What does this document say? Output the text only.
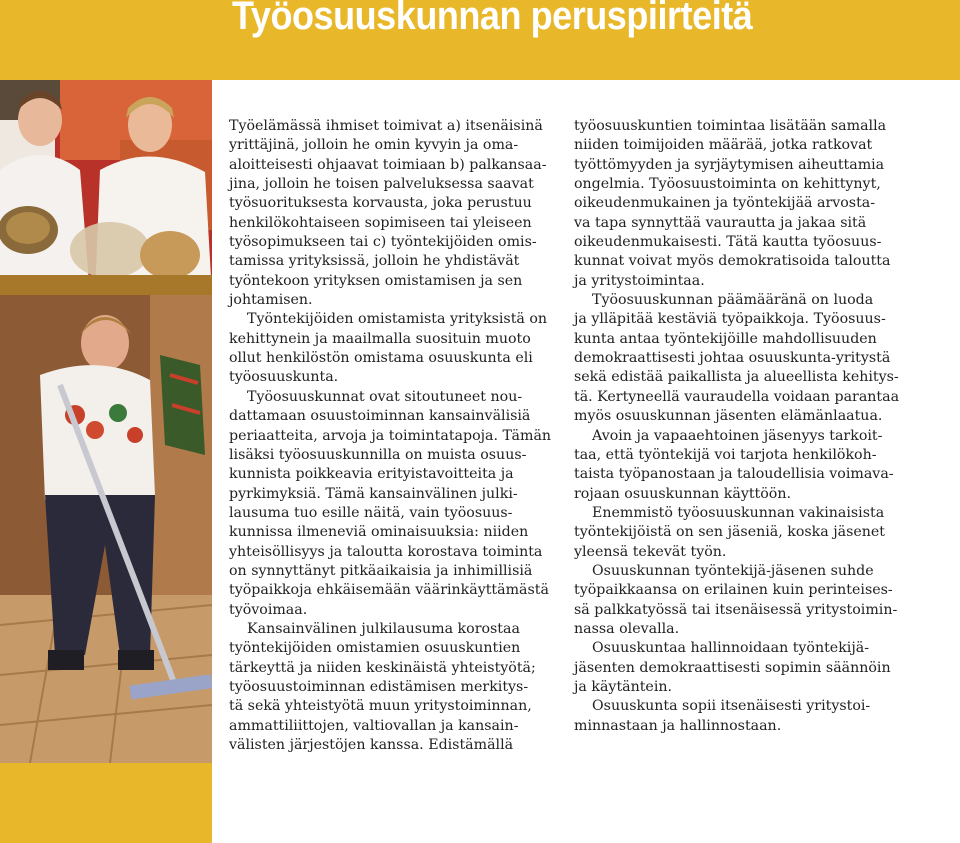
Työosuuskunnan peruspiirteitä
Työelämässä ihmiset toimivat a) itsenäisinä
yrittäjinä, jolloin he omin kyvyin ja oma-
aloitteisesti ohjaavat toimiaan b) palkansaa-
jina, jolloin he toisen palveluksessa saavat
työsuorituksesta korvausta, joka perustuu
henkilökohtaiseen sopimiseen tai yleiseen
työsopimukseen tai c) työntekijöiden omis-
tamissa yrityksissä, jolloin he yhdistävät
työntekoon yrityksen omistamisen ja sen
johtamisen.
Työntekijöiden omistamista yrityksistä on
kehittynein ja maailmalla suosituin muoto
ollut henkilöstön omistama osuuskunta eli
työosuuskunta.
Työosuuskunnat ovat sitoutuneet nou-
dattamaan osuustoiminnan kansainvälisiä
periaatteita, arvoja ja toimintatapoja. Tämän
lisäksi työosuuskunnilla on muista osuus-
kunnista poikkeavia erityistavoitteita ja
pyrkimyksiä. Tämä kansainvälinen julki-
lausuma tuo esille näitä, vain työosuus-
kunnissa ilmeneviä ominaisuuksia: niiden
yhteisöllisyys ja taloutta korostava toiminta
on synnyttänyt pitkäaikaisia ja inhimillisiä
työpaikkoja ehkäisemään väärinkäyttämästä
työvoimaa.
Kansainvälinen julkilausuma korostaa
työntekijöiden omistamien osuuskuntien
tärkeyttä ja niiden keskinäistä yhteistyötä;
työosuustoiminnan edistämisen merkitys-
tä sekä yhteistyötä muun yritystoiminnan,
ammattiliittojen, valtiovallan ja kansain-
välisten järjestöjen kanssa. Edistämällä
työosuuskuntien toimintaa lisätään samalla
niiden toimijoiden määrää, jotka ratkovat
työttömyyden ja syrjäytymisen aiheuttamia
ongelmia. Työosuustoiminta on kehittynyt,
oikeudenmukainen ja työntekijää arvosta-
va tapa synnyttää vaurautta ja jakaa sitä
oikeudenmukaisesti. Tätä kautta työosuus-
kunnat voivat myös demokratisoida taloutta
ja yritystoimintaa.
Työosuuskunnan päämääränä on luoda
ja ylläpitää kestäviä työpaikkoja. Työosuus-
kunta antaa työntekijöille mahdollisuuden
demokraattisesti johtaa osuuskunta-yritystä
sekä edistää paikallista ja alueellista kehitys-
tä. Kertyneellä vauraudella voidaan parantaa
myös osuuskunnan jäsenten elämänlaatua.
Avoin ja vapaaehtoinen jäsenyys tarkoit-
taa, että työntekijä voi tarjota henkilökoh-
taista työpanostaan ja taloudellisia voimava-
rojaan osuuskunnan käyttöön.
Enemmistö työosuuskunnan vakinaisista
työntekijöistä on sen jäseniä, koska jäsenet
yleensä tekevät työn.
Osuuskunnan työntekijä-jäsenen suhde
työpaikkaansa on erilainen kuin perinteises-
sä palkkatyössä tai itsenäisessä yritystoimin-
nassa olevalla.
Osuuskuntaa hallinnoidaan työntekijä-
jäsenten demokraattisesti sopimin säännöin
ja käytäntein.
Osuuskunta sopii itsenäisesti yritystoi-
minnastaan ja hallinnostaan.
